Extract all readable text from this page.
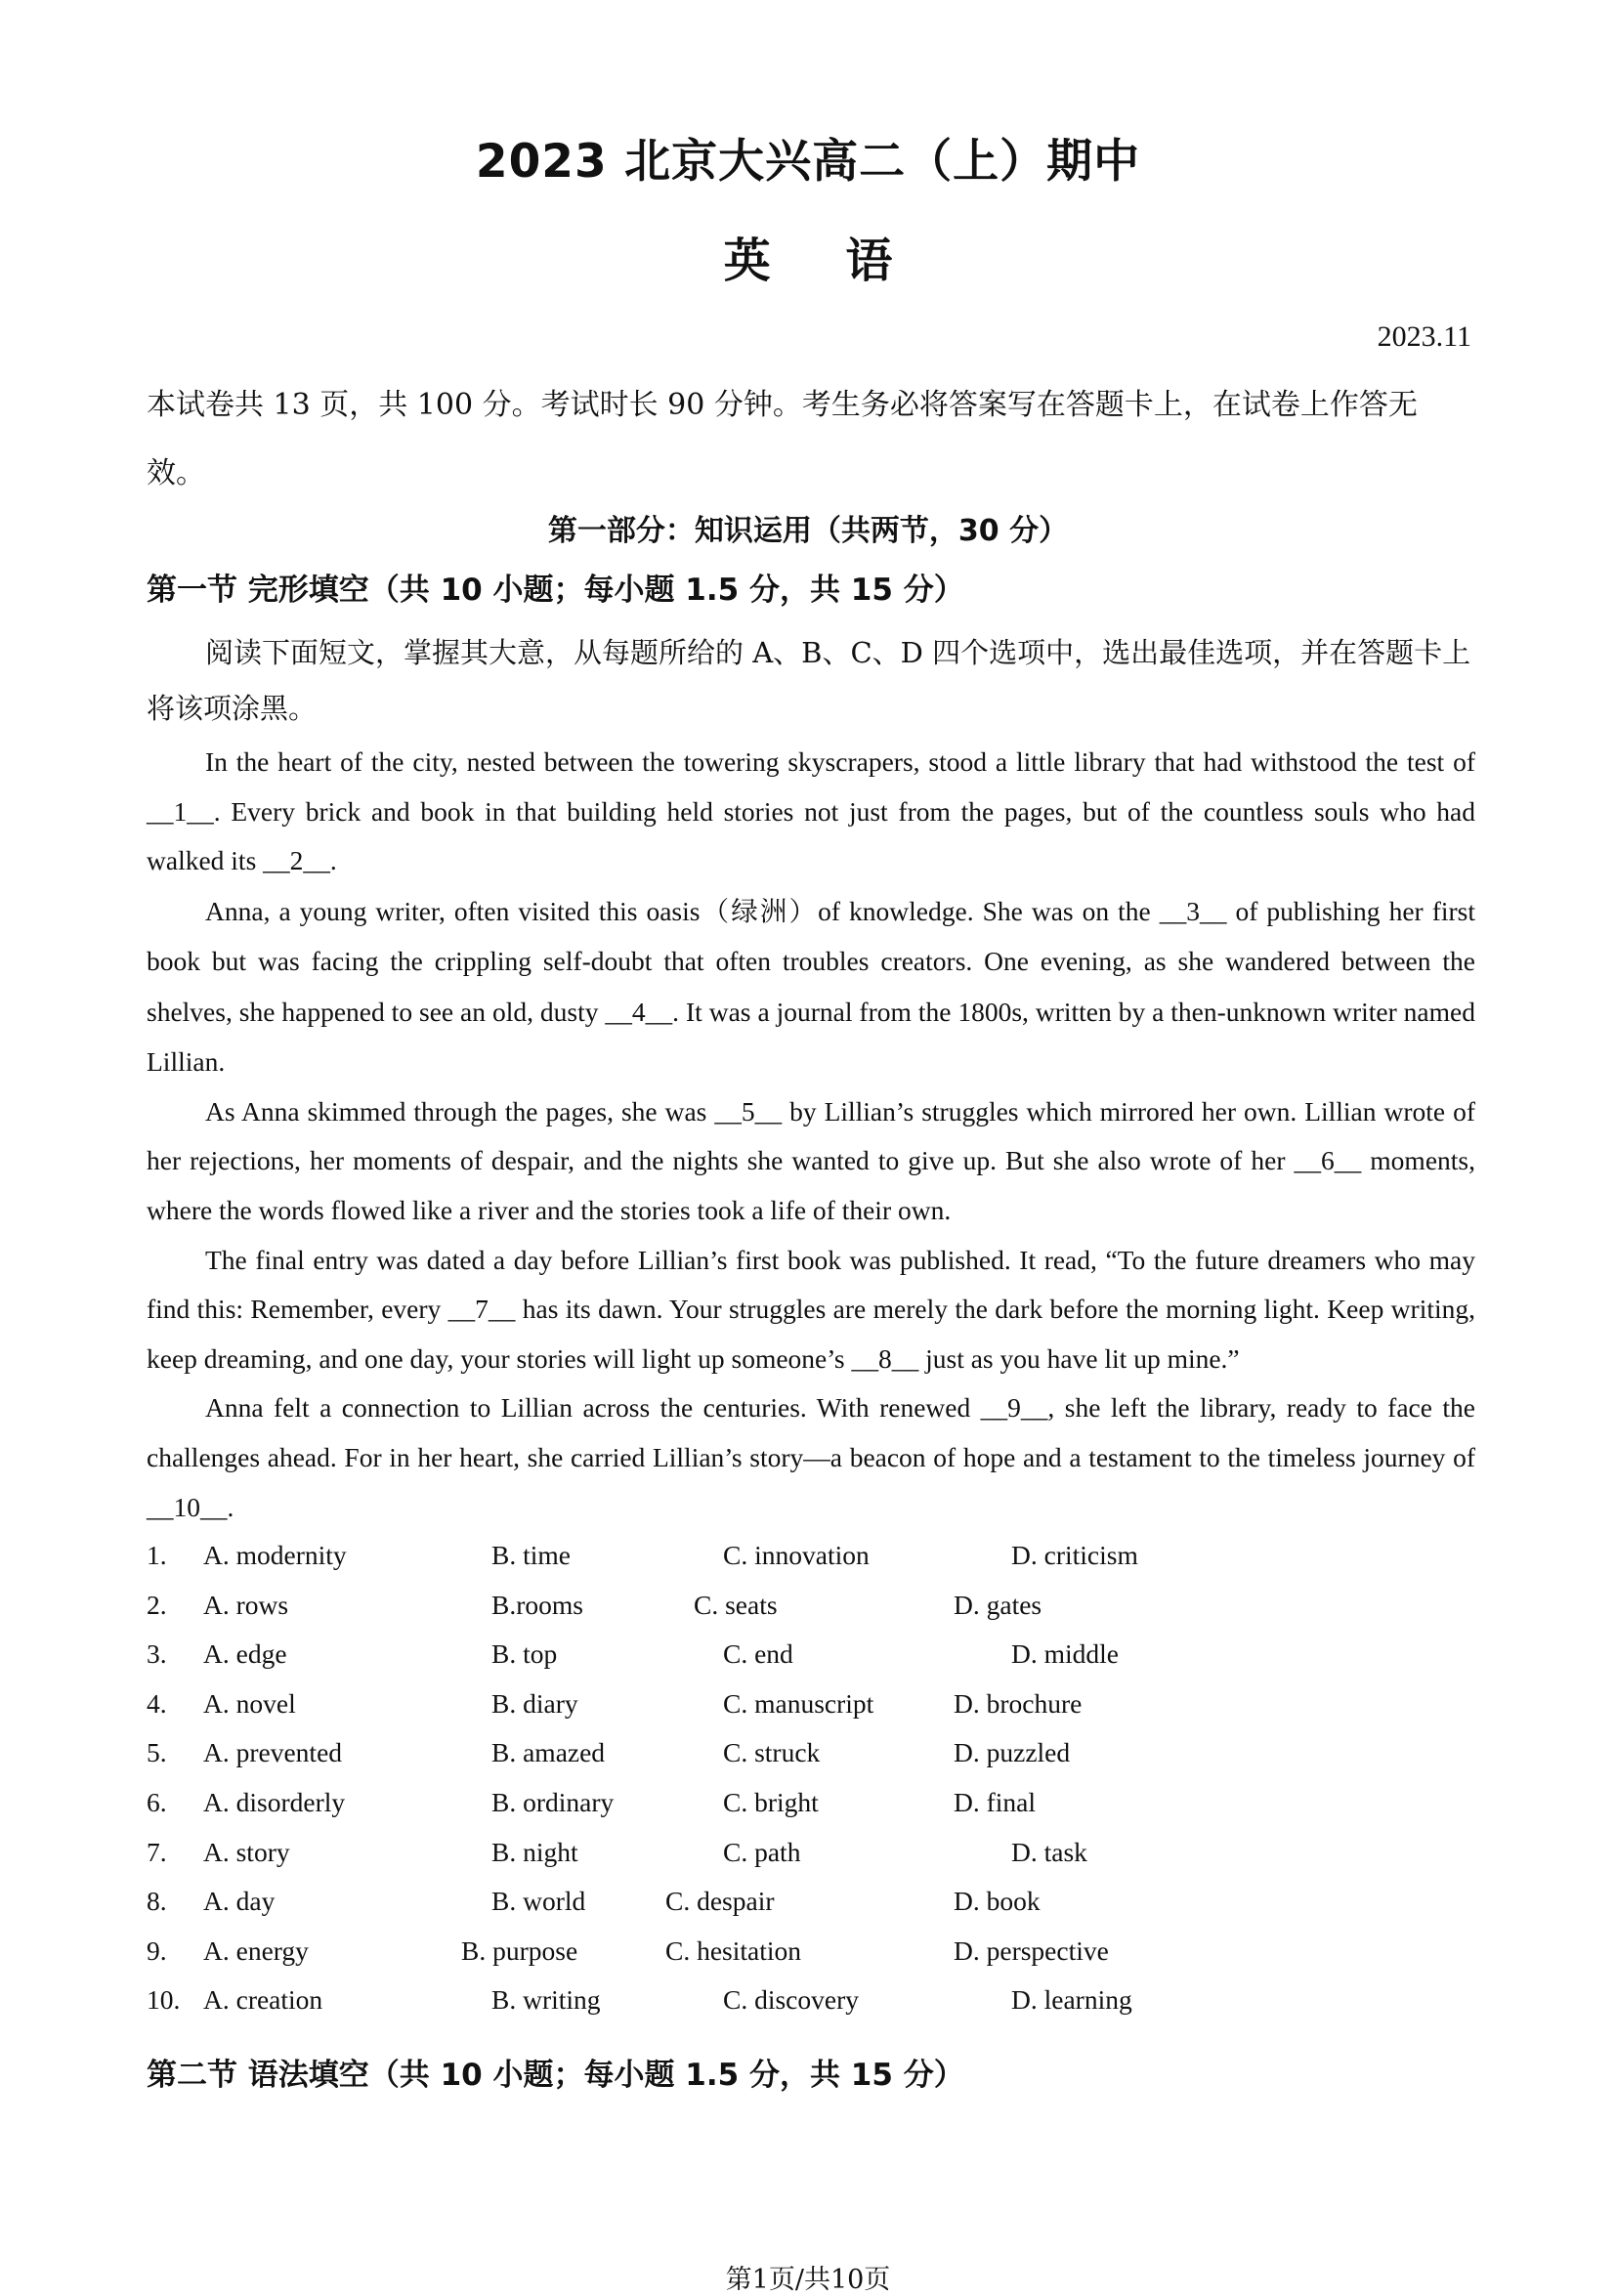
2023 北京大兴高二（上）期中
英 语
2023.11
本试卷共 13 页，共 100 分。考试时长 90 分钟。考生务必将答案写在答题卡上，在试卷上作答无效。
第一部分：知识运用（共两节，30 分）
第一节 完形填空（共 10 小题；每小题 1.5 分，共 15 分）
阅读下面短文，掌握其大意，从每题所给的 A、B、C、D 四个选项中，选出最佳选项，并在答题卡上将该项涂黑。

In the heart of the city, nested between the towering skyscrapers, stood a little library that had withstood the test of __1__. Every brick and book in that building held stories not just from the pages, but of the countless souls who had walked its __2__.

Anna, a young writer, often visited this oasis（绿洲）of knowledge. She was on the __3__ of publishing her first book but was facing the crippling self-doubt that often troubles creators. One evening, as she wandered between the shelves, she happened to see an old, dusty __4__. It was a journal from the 1800s, written by a then-unknown writer named Lillian.

As Anna skimmed through the pages, she was __5__ by Lillian’s struggles which mirrored her own. Lillian wrote of her rejections, her moments of despair, and the nights she wanted to give up. But she also wrote of her __6__ moments, where the words flowed like a river and the stories took a life of their own.

The final entry was dated a day before Lillian’s first book was published. It read, “To the future dreamers who may find this: Remember, every __7__ has its dawn. Your struggles are merely the dark before the morning light. Keep writing, keep dreaming, and one day, your stories will light up someone’s __8__ just as you have lit up mine.”

Anna felt a connection to Lillian across the centuries. With renewed __9__, she left the library, ready to face the challenges ahead. For in her heart, she carried Lillian’s story—a beacon of hope and a testament to the timeless journey of __10__.

1. A. modernity	B. time	C. innovation	D. criticism
2. A. rows	B.rooms	C. seats	D. gates
3. A. edge	B. top	C. end	D. middle
4. A. novel	B. diary	C. manuscript	D. brochure
5. A. prevented	B. amazed	C. struck	D. puzzled
6. A. disorderly	B. ordinary	C. bright	D. final
7. A. story	B. night	C. path	D. task
8. A. day	B. world	C. despair	D. book
9. A. energy	B. purpose	C. hesitation	D. perspective
10. A. creation	B. writing	C. discovery	D. learning
第二节 语法填空（共 10 小题；每小题 1.5 分，共 15 分）
第1页/共10页
